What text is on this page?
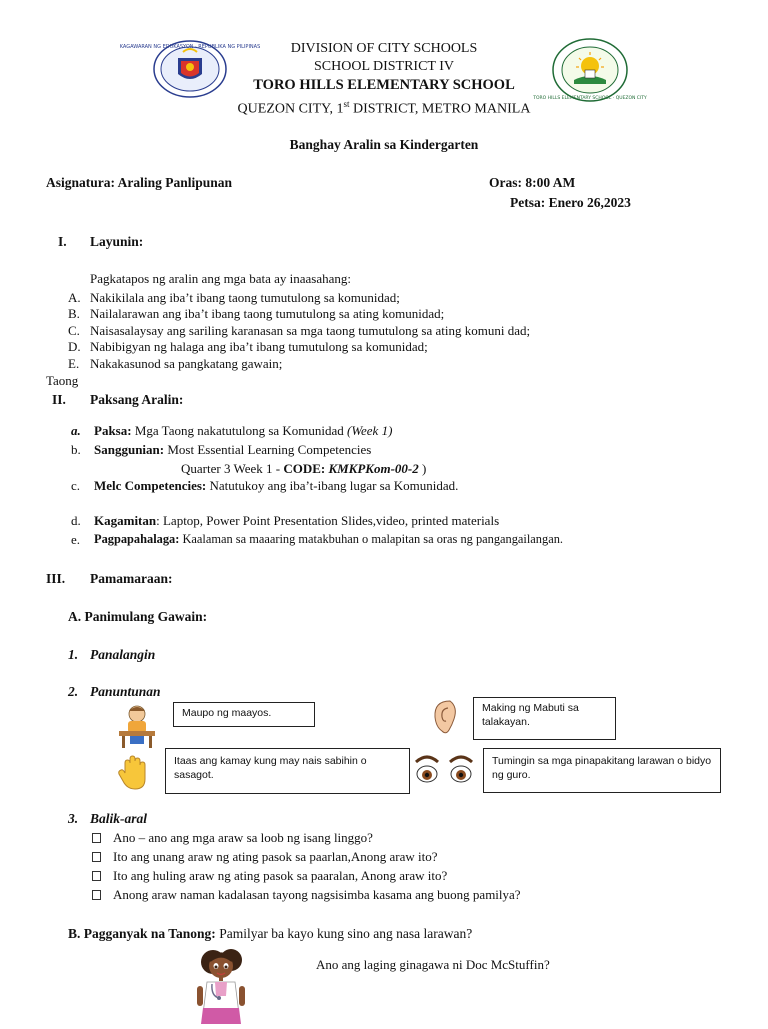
KAGAWARAN NG EDUKASYON · REPUBLIKA NG PILIPINAS	DIVISION OF CITY SCHOOLS
SCHOOL DISTRICT IV
TORO HILLS ELEMENTARY SCHOOL
QUEZON CITY, 1st DISTRICT, METRO MANILA
TORO HILLS ELEMENTARY SCHOOL · QUEZON CITY
Banghay Aralin sa Kindergarten
Asignatura: Araling Panlipunan	Oras: 8:00 AM
Petsa: Enero 26,2023
I. Layunin:
Pagkatapos ng aralin ang mga bata ay inaasahang:
A. Nakikilala ang iba’t ibang taong tumutulong sa komunidad;
B. Nailalarawan ang iba’t ibang taong tumutulong sa ating komunidad;
C. Naisasalaysay ang sariling karanasan sa mga taong tumutulong sa ating komuni dad;
D. Nabibigyan ng halaga ang iba’t ibang tumutulong sa komunidad;
E. Nakakasunod sa pangkatang gawain;
Taong
II. Paksang Aralin:
a. Paksa: Mga Taong nakatutulong sa Komunidad (Week 1)
b. Sanggunian: Most Essential Learning Competencies
Quarter 3 Week 1 - CODE: KMKPKom-00-2 )
c. Melc Competencies: Natutukoy ang iba’t-ibang lugar sa Komunidad.
d. Kagamitan: Laptop, Power Point Presentation Slides,video, printed materials
e. Pagpapahalaga: Kaalaman sa maaaring matakbuhan o malapitan sa oras ng pangangailangan.
III. Pamamaraan:
A. Panimulang Gawain:
1. Panalangin
2. Panuntunan
Maupo ng maayos.	Making ng Mabuti sa talakayan.
Itaas ang kamay kung may nais sabihin o sasagot.
Tumingin sa mga pinapakitang larawan o bidyo ng guro.
3. Balik-aral
Ano – ano ang mga araw sa loob ng isang linggo?
Ito ang unang araw ng ating pasok sa paarlan,Anong araw ito?
Ito ang huling araw ng ating pasok sa paaralan, Anong araw ito?
Anong araw naman kadalasan tayong nagsisimba kasama ang buong pamilya?
B. Pagganyak na Tanong: Pamilyar ba kayo kung sino ang nasa larawan?
Ano ang laging ginagawa ni Doc McStuffin?
